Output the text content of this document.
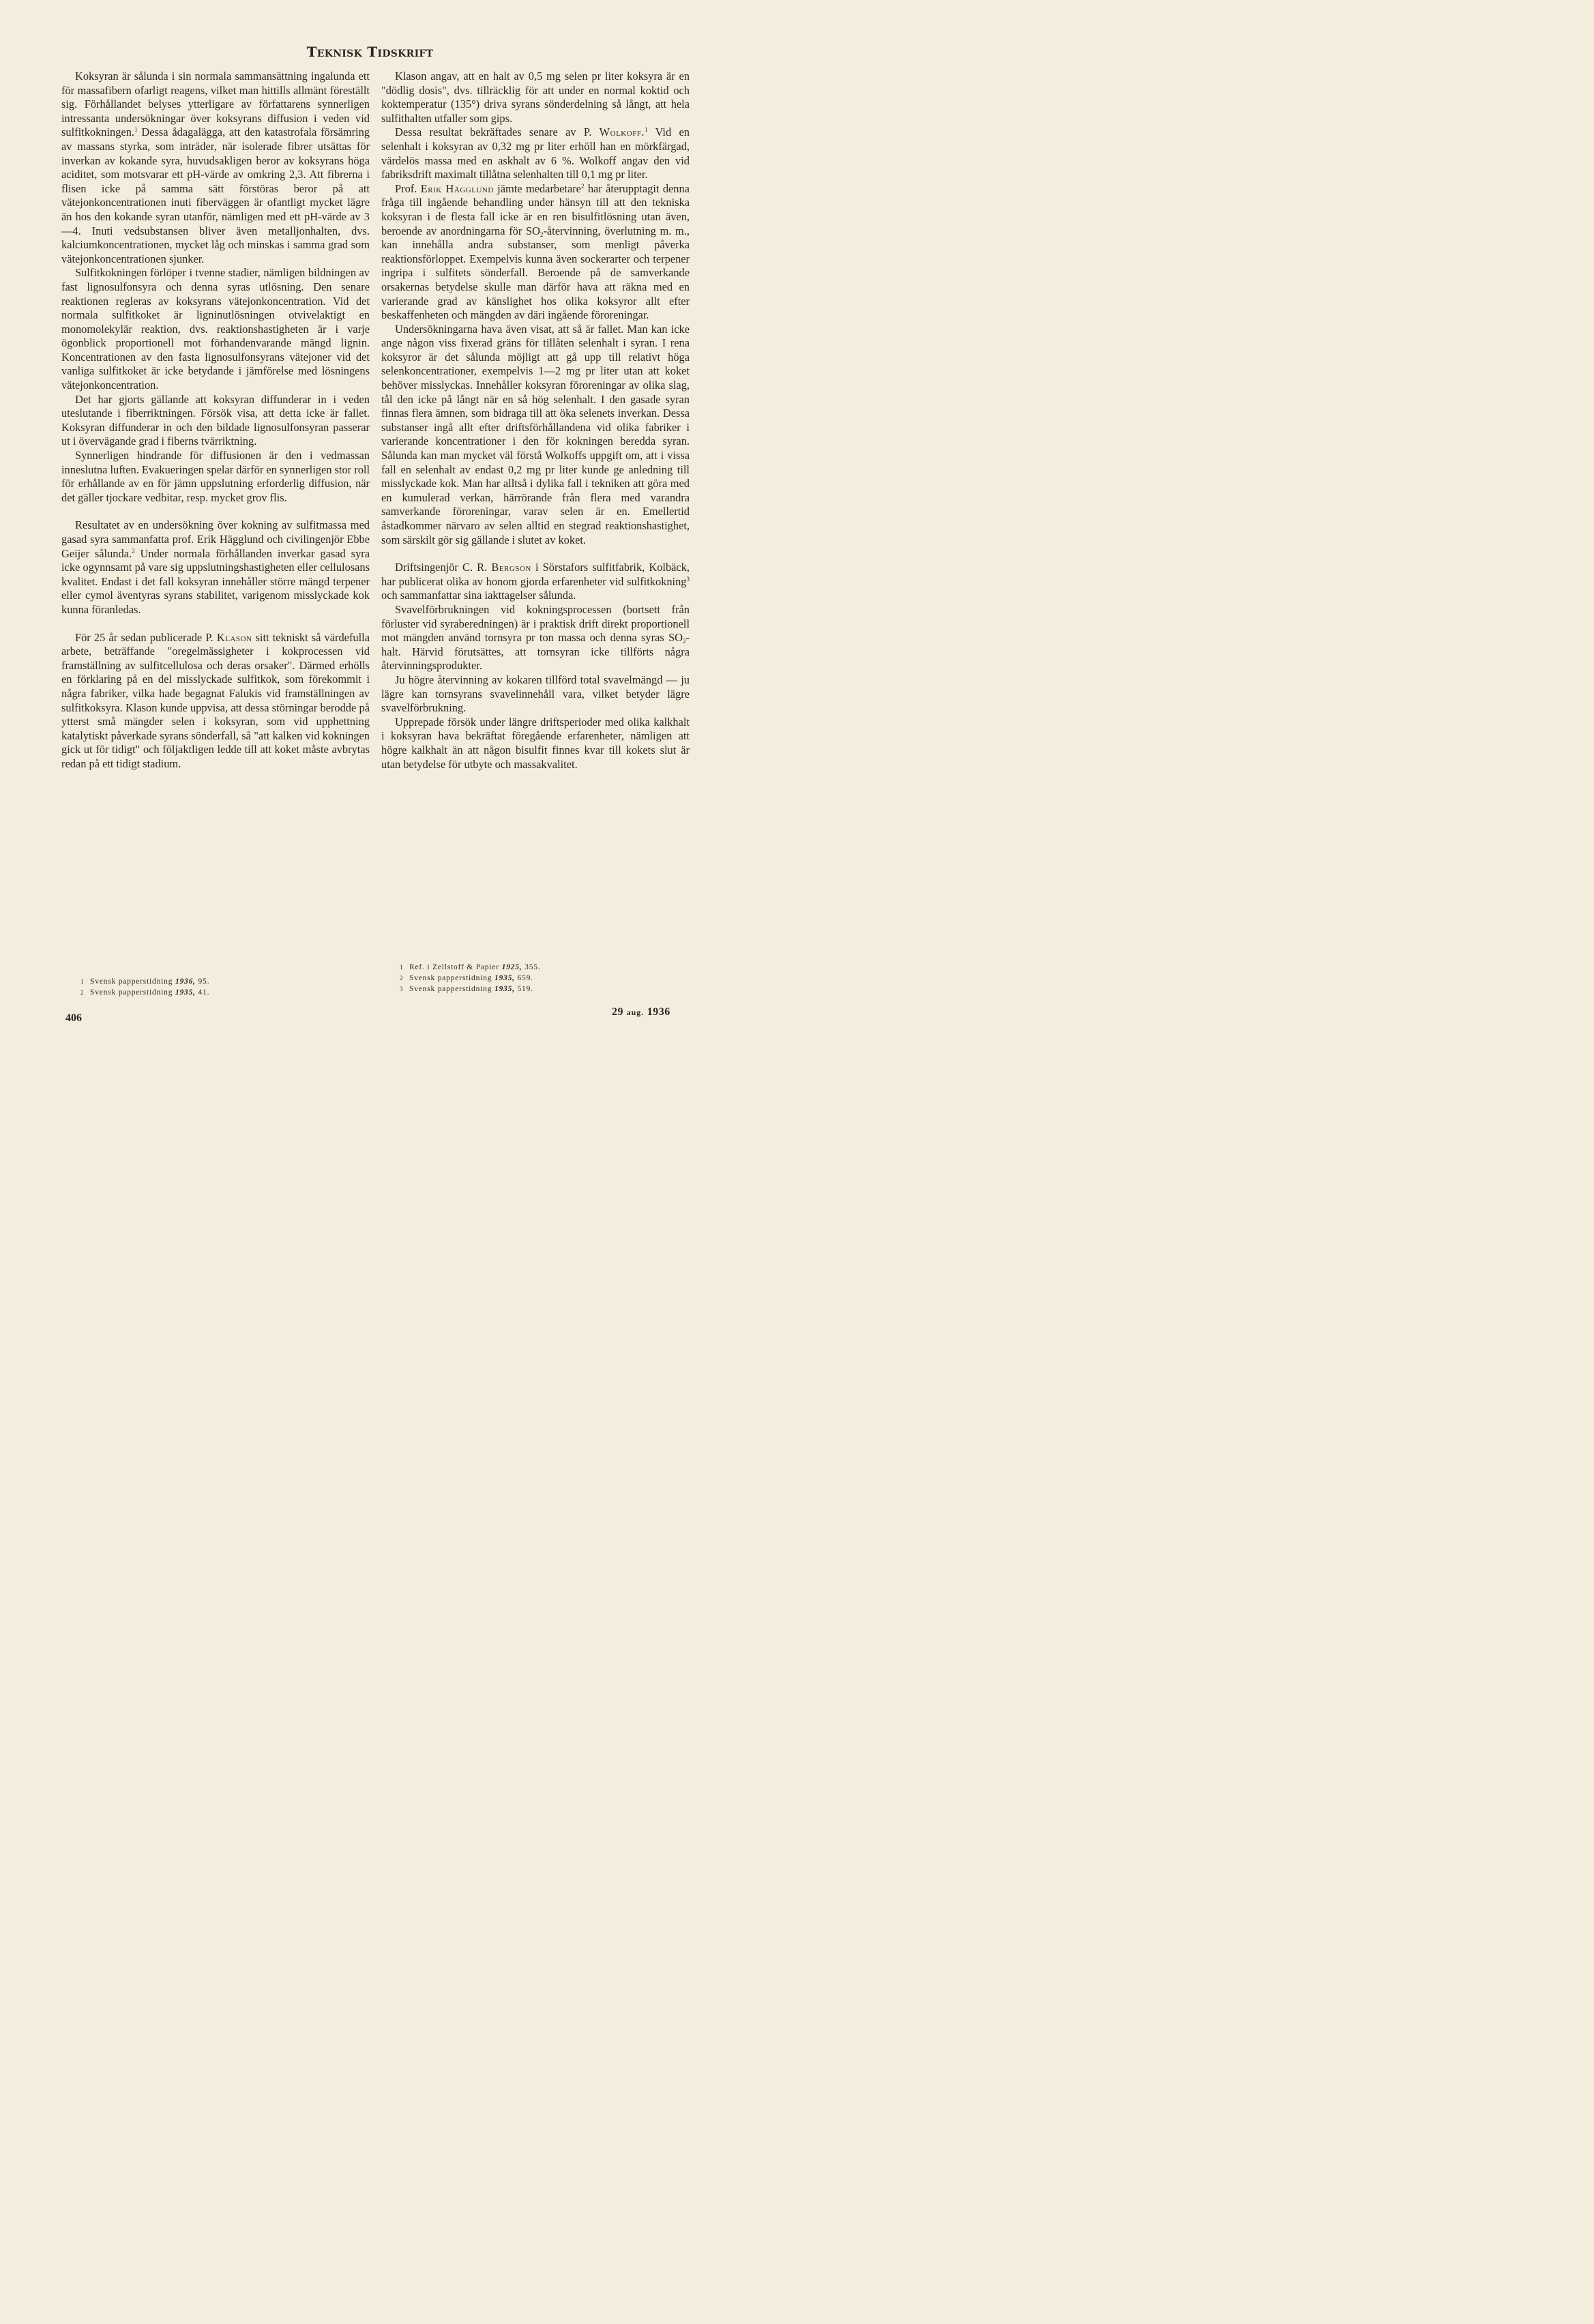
Teknisk Tidskrift

Koksyran är sålunda i sin normala sammansättning ingalunda ett för massafibern ofarligt reagens, vilket man hittills allmänt föreställt sig. Förhållandet belyses ytterligare av författarens synnerligen intressanta undersökningar över koksyrans diffusion i veden vid sulfitkokningen.$^1$ Dessa ådagalägga, att den katastrofala försämring av massans styrka, som inträder, när isolerade fibrer utsättas för inverkan av kokande syra, huvudsakligen beror av koksyrans höga aciditet, som motsvarar ett pH-värde av omkring 2,3. Att fibrerna i flisen icke på samma sätt förstöras beror på att vätejonkoncentrationen inuti fiberväggen är ofantligt mycket lägre än hos den kokande syran utanför, nämligen med ett pH-värde av 3—4. Inuti vedsubstansen bliver även metalljonhalten, dvs. kalciumkoncentrationen, mycket låg och minskas i samma grad som vätejonkoncentrationen sjunker.

Sulfitkokningen förlöper i tvenne stadier, nämligen bildningen av fast lignosulfonsyra och denna syras utlösning. Den senare reaktionen regleras av koksyrans vätejonkoncentration. Vid det normala sulfitkoket är ligninutlösningen otvivelaktigt en monomolekylär reaktion, dvs. reaktionshastigheten är i varje ögonblick proportionell mot förhandenvarande mängd lignin. Koncentrationen av den fasta lignosulfonsyrans vätejoner vid det vanliga sulfitkoket är icke betydande i jämförelse med lösningens vätejonkoncentration.

Det har gjorts gällande att koksyran diffunderar in i veden uteslutande i fiberriktningen. Försök visa, att detta icke är fallet. Koksyran diffunderar in och den bildade lignosulfonsyran passerar ut i övervägande grad i fiberns tvärriktning.

Synnerligen hindrande för diffusionen är den i vedmassan inneslutna luften. Evakueringen spelar därför en synnerligen stor roll för erhållande av en för jämn uppslutning erforderlig diffusion, när det gäller tjockare vedbitar, resp. mycket grov flis.

Resultatet av en undersökning över kokning av sulfitmassa med gasad syra sammanfatta prof. Erik Hägglund och civilingenjör Ebbe Geijer sålunda.$^2$ Under normala förhållanden inverkar gasad syra icke ogynnsamt på vare sig uppslutningshastigheten eller cellulosans kvalitet. Endast i det fall koksyran innehåller större mängd terpener eller cymol äventyras syrans stabilitet, varigenom misslyckade kok kunna föranledas.

För 25 år sedan publicerade P. Klason sitt tekniskt så värdefulla arbete, beträffande "oregelmässigheter i kokprocessen vid framställning av sulfitcellulosa och deras orsaker". Därmed erhölls en förklaring på en del misslyckade sulfitkok, som förekommit i några fabriker, vilka hade begagnat Falukis vid framställningen av sulfitkoksyra. Klason kunde uppvisa, att dessa störningar berodde på ytterst små mängder selen i koksyran, som vid upphettning katalytiskt påverkade syrans sönderfall, så "att kalken vid kokningen gick ut för tidigt" och följaktligen ledde till att koket måste avbrytas redan på ett tidigt stadium.

Klason angav, att en halt av 0,5 mg selen pr liter koksyra är en "dödlig dosis", dvs. tillräcklig för att under en normal koktid och koktemperatur (135°) driva syrans sönderdelning så långt, att hela sulfithalten utfaller som gips.

Dessa resultat bekräftades senare av P. Wolkoff.$^1$ Vid en selenhalt i koksyran av 0,32 mg pr liter erhöll han en mörkfärgad, värdelös massa med en askhalt av 6 %. Wolkoff angav den vid fabriksdrift maximalt tillåtna selenhalten till 0,1 mg pr liter.

Prof. Erik Hägglund jämte medarbetare$^2$ har återupptagit denna fråga till ingående behandling under hänsyn till att den tekniska koksyran i de flesta fall icke är en ren bisulfitlösning utan även, beroende av anordningarna för $SO_2$-återvinning, överlutning m. m., kan innehålla andra substanser, som menligt påverka reaktionsförloppet. Exempelvis kunna även sockerarter och terpener ingripa i sulfitets sönderfall. Beroende på de samverkande orsakernas betydelse skulle man därför hava att räkna med en varierande grad av känslighet hos olika koksyror allt efter beskaffenheten och mängden av däri ingående föroreningar.

Undersökningarna hava även visat, att så är fallet. Man kan icke ange någon viss fixerad gräns för tillåten selenhalt i syran. I rena koksyror är det sålunda möjligt att gå upp till relativt höga selenkoncentrationer, exempelvis 1—2 mg pr liter utan att koket behöver misslyckas. Innehåller koksyran föroreningar av olika slag, tål den icke på långt när en så hög selenhalt. I den gasade syran finnas flera ämnen, som bidraga till att öka selenets inverkan. Dessa substanser ingå allt efter driftsförhållandena vid olika fabriker i varierande koncentrationer i den för kokningen beredda syran. Sålunda kan man mycket väl förstå Wolkoffs uppgift om, att i vissa fall en selenhalt av endast 0,2 mg pr liter kunde ge anledning till misslyckade kok. Man har alltså i dylika fall i tekniken att göra med en kumulerad verkan, härrörande från flera med varandra samverkande föroreningar, varav selen är en. Emellertid åstadkommer närvaro av selen alltid en stegrad reaktionshastighet, som särskilt gör sig gällande i slutet av koket.

Driftsingenjör C. R. Bergson i Sörstafors sulfitfabrik, Kolbäck, har publicerat olika av honom gjorda erfarenheter vid sulfitkokning$^3$ och sammanfattar sina iakttagelser sålunda.

Svavelförbrukningen vid kokningsprocessen (bortsett från förluster vid syraberedningen) är i praktisk drift direkt proportionell mot mängden använd tornsyra pr ton massa och denna syras $SO_2$-halt. Härvid förutsättes, att tornsyran icke tillförts några återvinningsprodukter.

Ju högre återvinning av kokaren tillförd total svavelmängd — ju lägre kan tornsyrans svavelinnehåll vara, vilket betyder lägre svavelförbrukning.

Upprepade försök under längre driftsperioder med olika kalkhalt i koksyran hava bekräftat föregående erfarenheter, nämligen att högre kalkhalt än att någon bisulfit finnes kvar till kokets slut är utan betydelse för utbyte och massakvalitet.

1 Svensk papperstidning 1936, 95.
2 Svensk papperstidning 1935, 41.
1 Ref. i Zellstoff & Papier 1925, 355.
2 Svensk papperstidning 1935, 659.
3 Svensk papperstidning 1935, 519.
406
29 aug. 1936
